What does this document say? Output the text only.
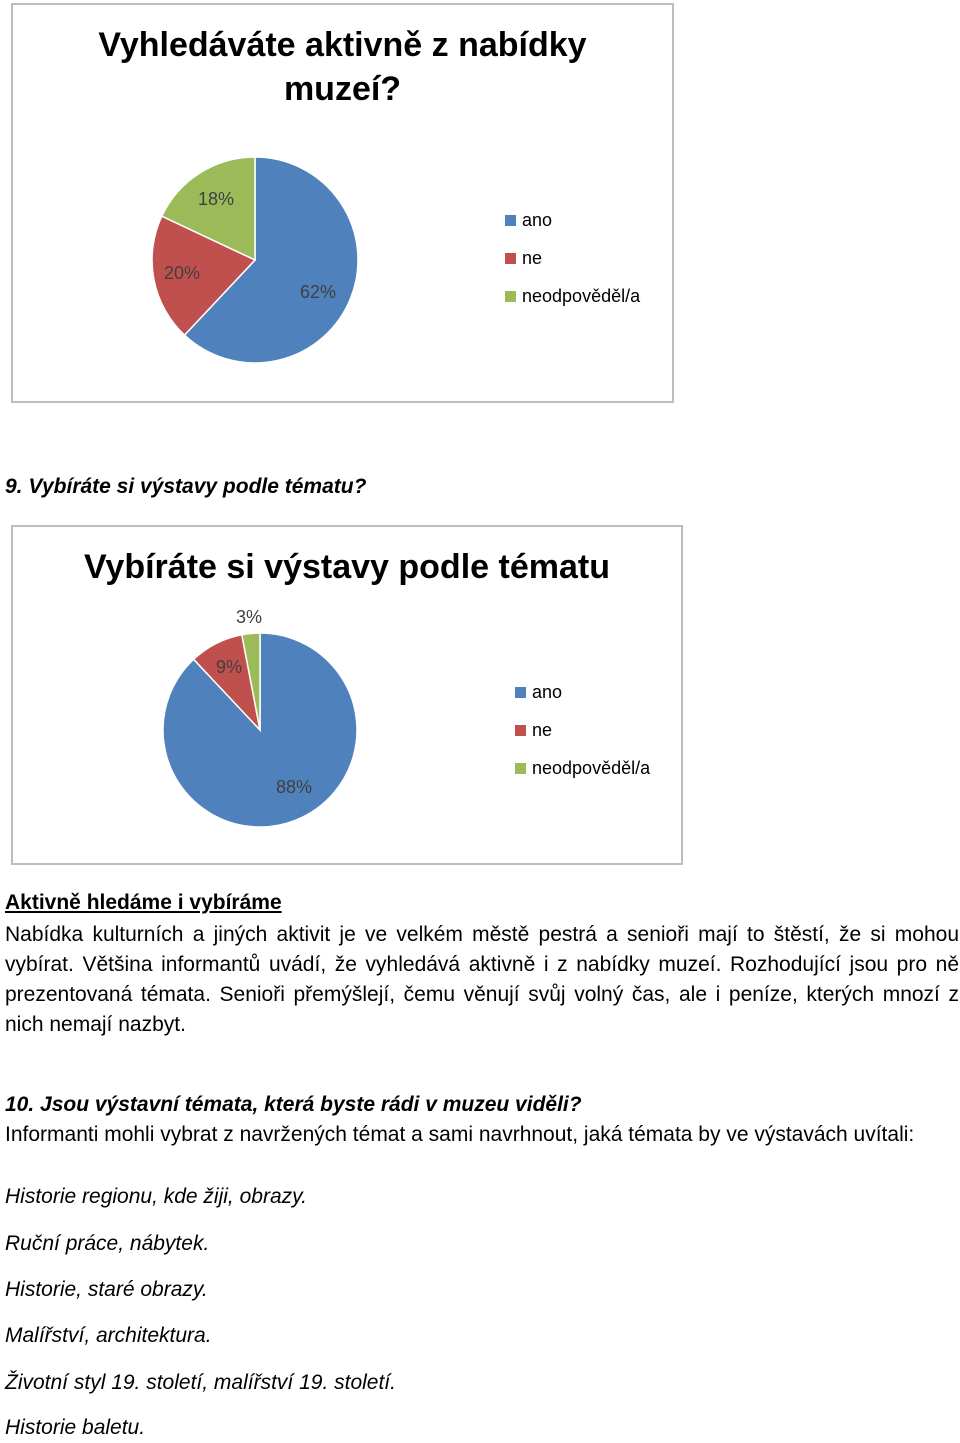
Vyhledáváte aktivně z nabídky muzeí?
62%
20%
18%
ano
ne
neodpověděl/a
9. Vybíráte si výstavy podle tématu?
Vybíráte si výstavy podle tématu
88%
9%
3%
ano
ne
neodpověděl/a
Aktivně hledáme i vybíráme
Nabídka kulturních a jiných aktivit je ve velkém městě pestrá a senioři mají to štěstí, že si mohou vybírat. Většina informantů uvádí, že vyhledává aktivně i z nabídky muzeí. Rozhodující jsou pro ně prezentovaná témata. Senioři přemýšlejí, čemu věnují svůj volný čas, ale i peníze, kterých mnozí z nich nemají nazbyt.
10. Jsou výstavní témata, která byste rádi v muzeu viděli?
Informanti mohli vybrat z navržených témat a sami navrhnout, jaká témata by ve výstavách uvítali:
Historie regionu, kde žiji, obrazy.
Ruční práce, nábytek.
Historie, staré obrazy.
Malířství, architektura.
Životní styl 19. století, malířství 19. století.
Historie baletu.
